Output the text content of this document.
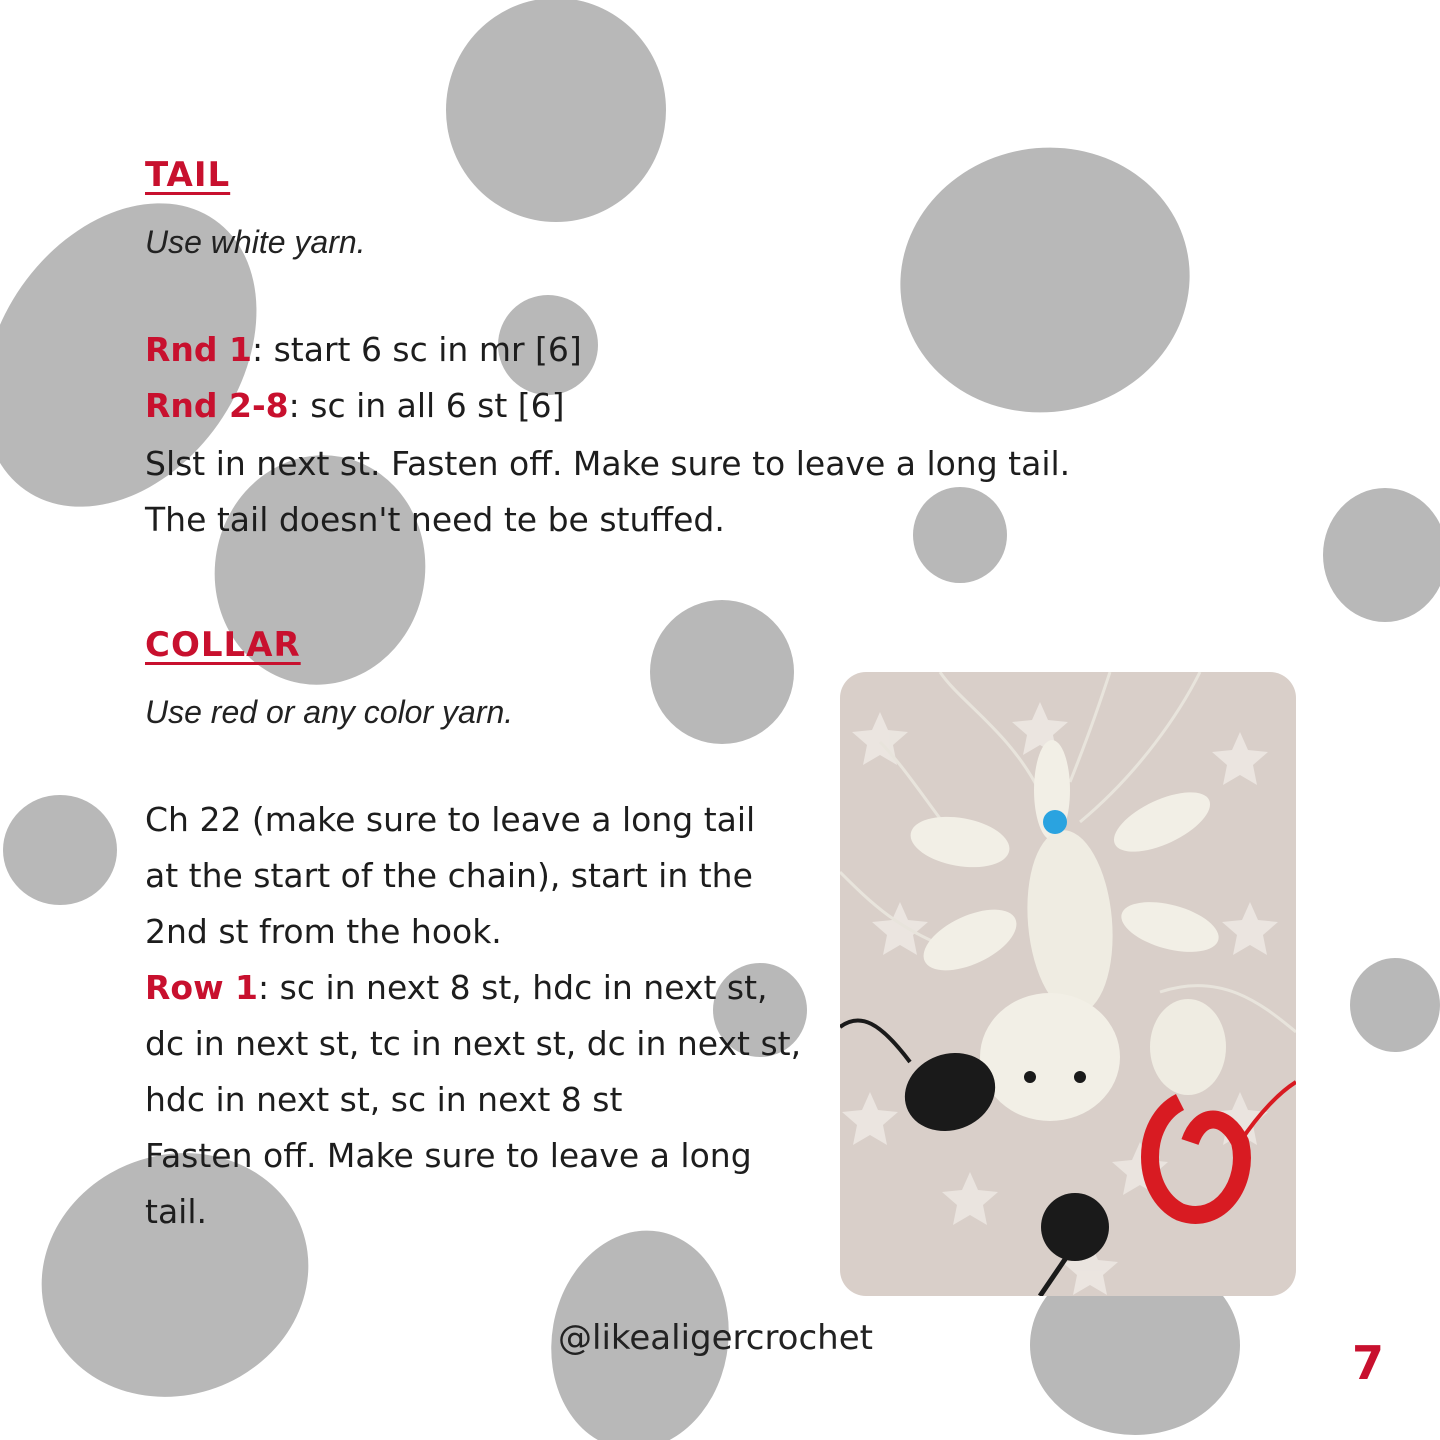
TAIL
Use white yarn.
Rnd 1: start 6 sc in mr [6]
Rnd 2-8: sc in all 6 st [6]
Slst in next st. Fasten off. Make sure to leave a long tail.
The tail doesn't need te be stuffed.
COLLAR
Use red or any color yarn.
Ch 22 (make sure to leave a long tail
at the start of the chain), start in the
2nd st from the hook.
Row 1: sc in next 8 st, hdc in next st,
dc in next st, tc in next st, dc in next st,
hdc in next st, sc in next 8 st
Fasten off. Make sure to leave a long
tail.
@likealigercrochet	7
